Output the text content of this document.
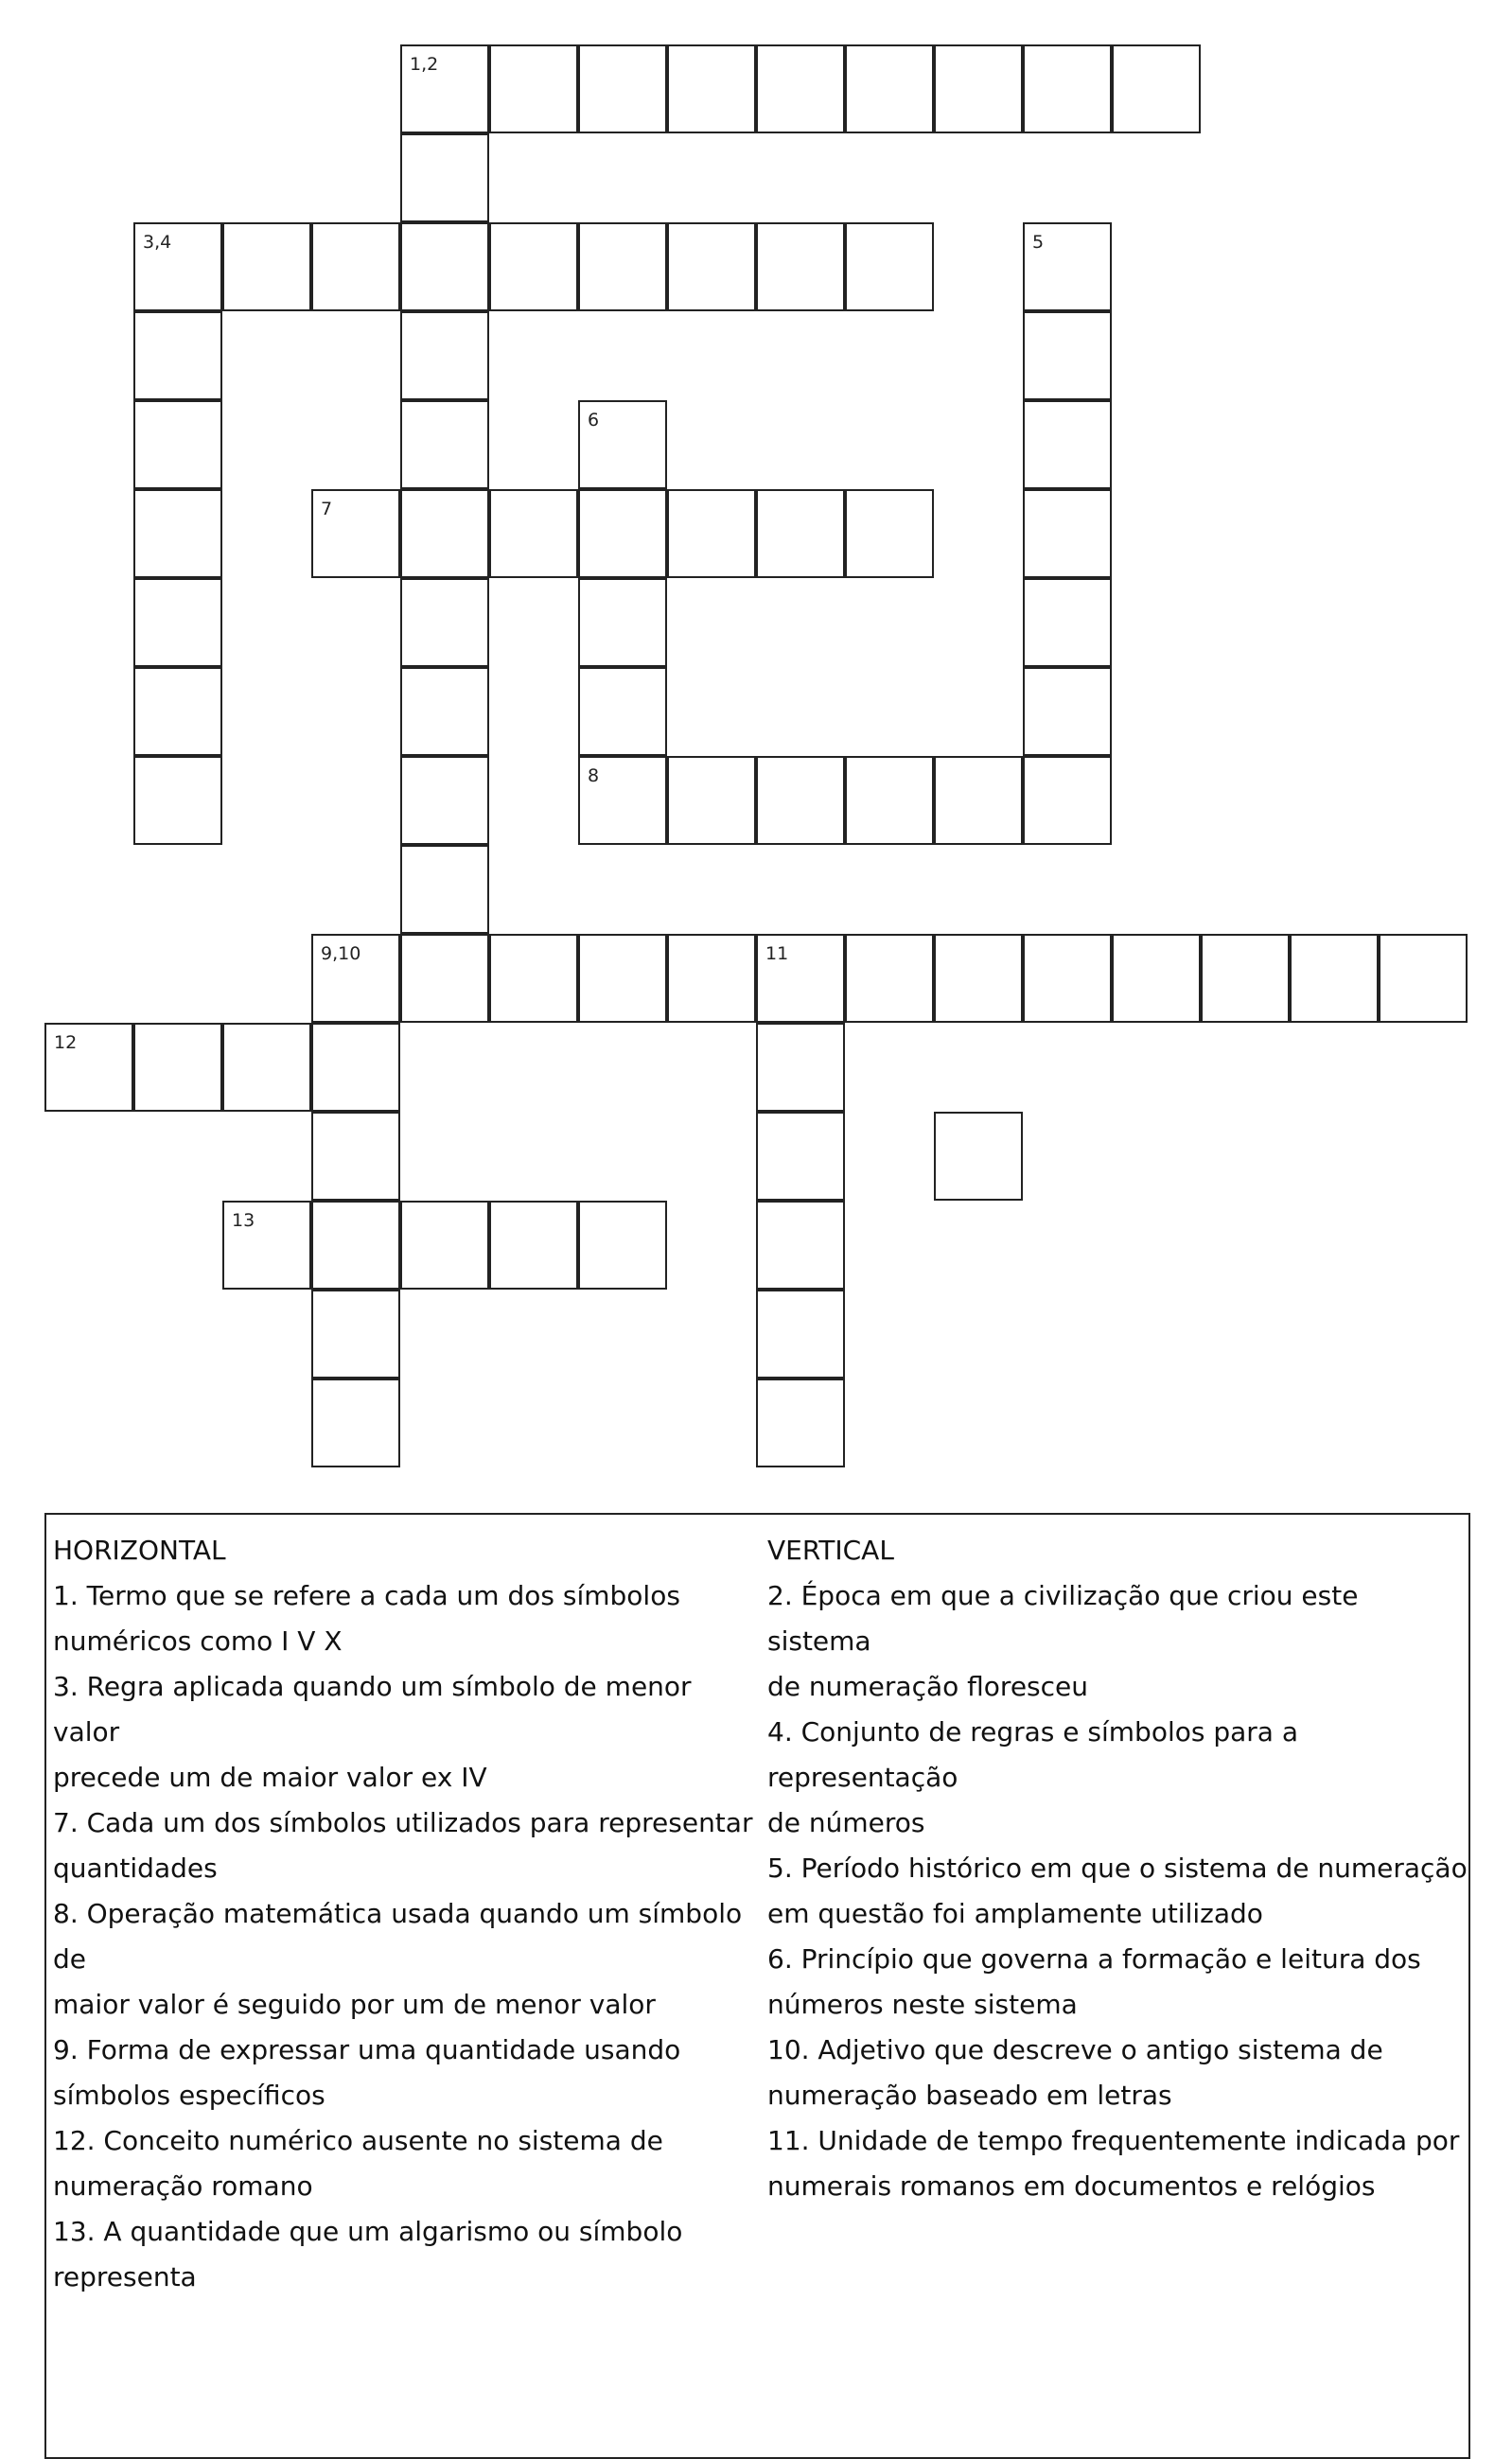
1,2
3,4	5
6
7
8
9,10	11
12
13
HORIZONTAL
1. Termo que se refere a cada um dos símbolos
numéricos como I V X
3. Regra aplicada quando um símbolo de menor valor
precede um de maior valor ex IV
7. Cada um dos símbolos utilizados para representar
quantidades
8. Operação matemática usada quando um símbolo de
maior valor é seguido por um de menor valor
9. Forma de expressar uma quantidade usando
símbolos específicos
12. Conceito numérico ausente no sistema de
numeração romano
13. A quantidade que um algarismo ou símbolo
representa
VERTICAL
2. Época em que a civilização que criou este sistema
de numeração floresceu
4. Conjunto de regras e símbolos para a representação
de números
5. Período histórico em que o sistema de numeração
em questão foi amplamente utilizado
6. Princípio que governa a formação e leitura dos
números neste sistema
10. Adjetivo que descreve o antigo sistema de
numeração baseado em letras
11. Unidade de tempo frequentemente indicada por
numerais romanos em documentos e relógios
